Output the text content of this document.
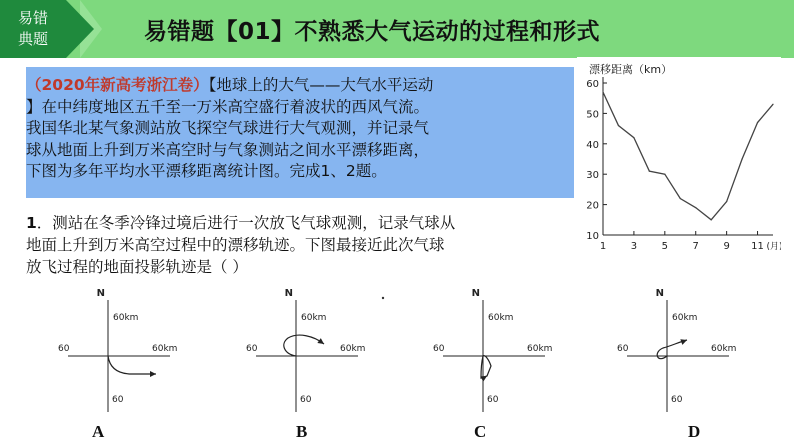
易错
典题	易错题【01】不熟悉大气运动的过程和形式
（2020年新高考浙江卷）【地球上的大气——大气水平运动
】在中纬度地区五千至一万米高空盛行着波状的西风气流。
我国华北某气象测站放飞探空气球进行大气观测，并记录气
球从地面上升到万米高空时与气象测站之间水平漂移距离，
下图为多年平均水平漂移距离统计图。完成1、2题。
1．测站在冬季冷锋过境后进行一次放飞气球观测，记录气球从
地面上升到万米高空过程中的漂移轨迹。下图最接近此次气球
放飞过程的地面投影轨迹是（ ）
漂移距离（km）
10
20
30
40
50
60
1 3 5 7 9 11 (月)
N
60km
60km
60
60
N
60km
60km
60
60
N
60km
60km
60
60
N
60km
60km
60
60
A	B	C	D
